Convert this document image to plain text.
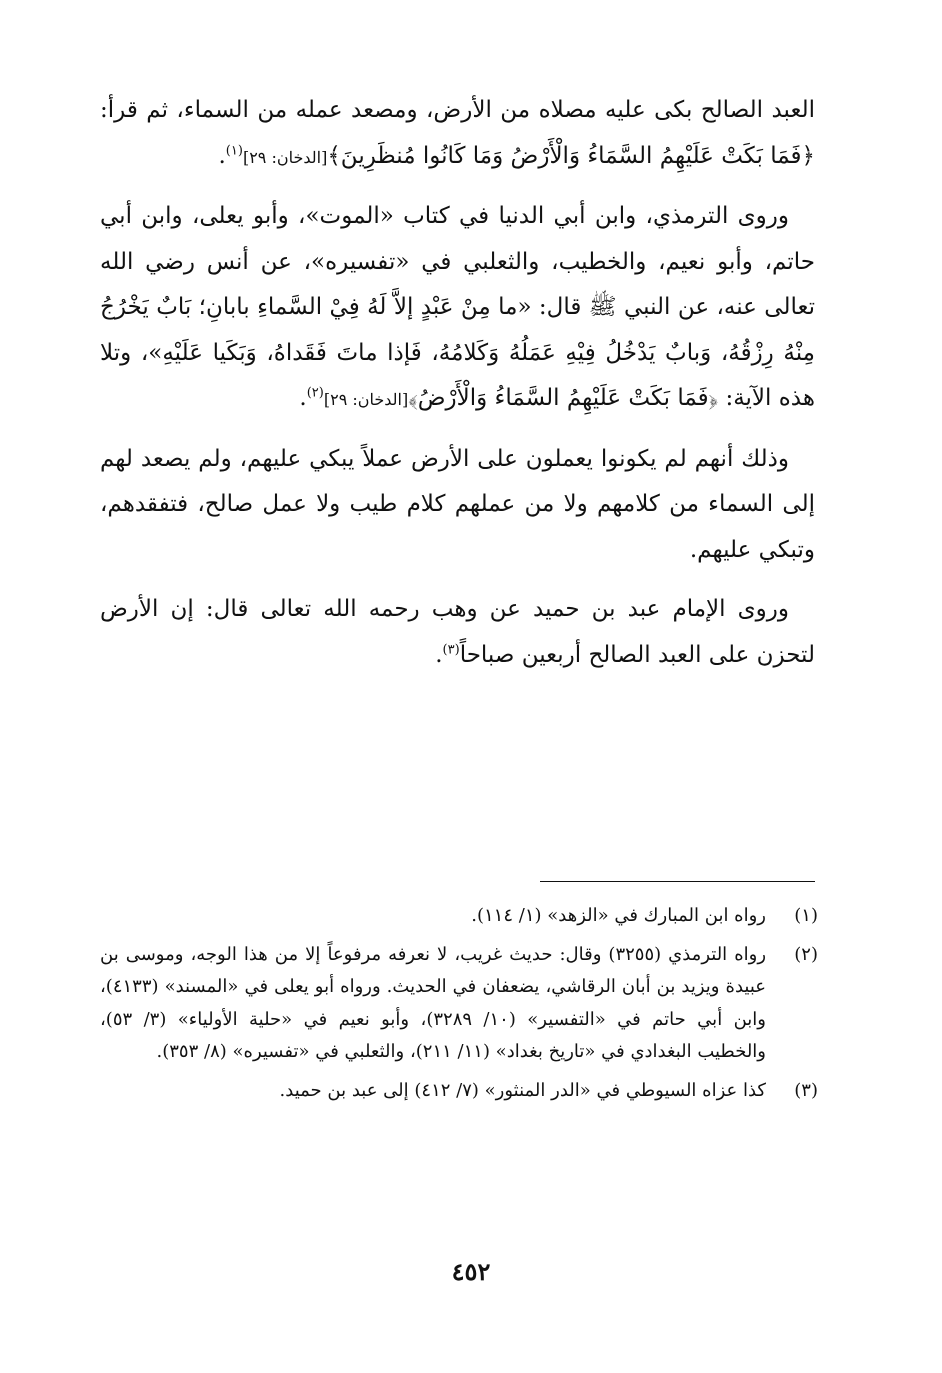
العبد الصالح بكى عليه مصلاه من الأرض، ومصعد عمله من السماء، ثم قرأ: ﴿فَمَا بَكَتْ عَلَيْهِمُ السَّمَاءُ وَالْأَرْضُ وَمَا كَانُوا مُنظَرِينَ﴾[الدخان: ٢٩]$^{(١)}$.

وروى الترمذي، وابن أبي الدنيا في كتاب «الموت»، وأبو يعلى، وابن أبي حاتم، وأبو نعيم، والخطيب، والثعلبي في «تفسيره»، عن أنس رضي الله تعالى عنه، عن النبي ﷺ قال: «ما مِنْ عَبْدٍ إلاَّ لَهُ فِيْ السَّماءِ بابانِ؛ بَابٌ يَخْرُجُ مِنْهُ رِزْقُهُ، وَبابٌ يَدْخُلُ فِيْهِ عَمَلُهُ وَكَلامُهُ، فَإذا ماتَ فَقَداهُ، وَبَكَيا عَلَيْهِ»، وتلا هذه الآية: ﴿فَمَا بَكَتْ عَلَيْهِمُ السَّمَاءُ وَالْأَرْضُ﴾[الدخان: ٢٩]$^{(٢)}$.

وذلك أنهم لم يكونوا يعملون على الأرض عملاً يبكي عليهم، ولم يصعد لهم إلى السماء من كلامهم ولا من عملهم كلام طيب ولا عمل صالح، فتفقدهم، وتبكي عليهم.

وروى الإمام عبد بن حميد عن وهب رحمه الله تعالى قال: إن الأرض لتحزن على العبد الصالح أربعين صباحاً$^{(٣)}$.

(١)
رواه ابن المبارك في «الزهد» (١/ ١١٤).
(٢)
رواه الترمذي (٣٢٥٥) وقال: حديث غريب، لا نعرفه مرفوعاً إلا من هذا الوجه، وموسى بن عبيدة ويزيد بن أبان الرقاشي، يضعفان في الحديث. ورواه أبو يعلى في «المسند» (٤١٣٣)، وابن أبي حاتم في «التفسير» (١٠/ ٣٢٨٩)، وأبو نعيم في «حلية الأولياء» (٣/ ٥٣)، والخطيب البغدادي في «تاريخ بغداد» (١١/ ٢١١)، والثعلبي في «تفسيره» (٨/ ٣٥٣).
(٣)
كذا عزاه السيوطي في «الدر المنثور» (٧/ ٤١٢) إلى عبد بن حميد.
٤٥٢
